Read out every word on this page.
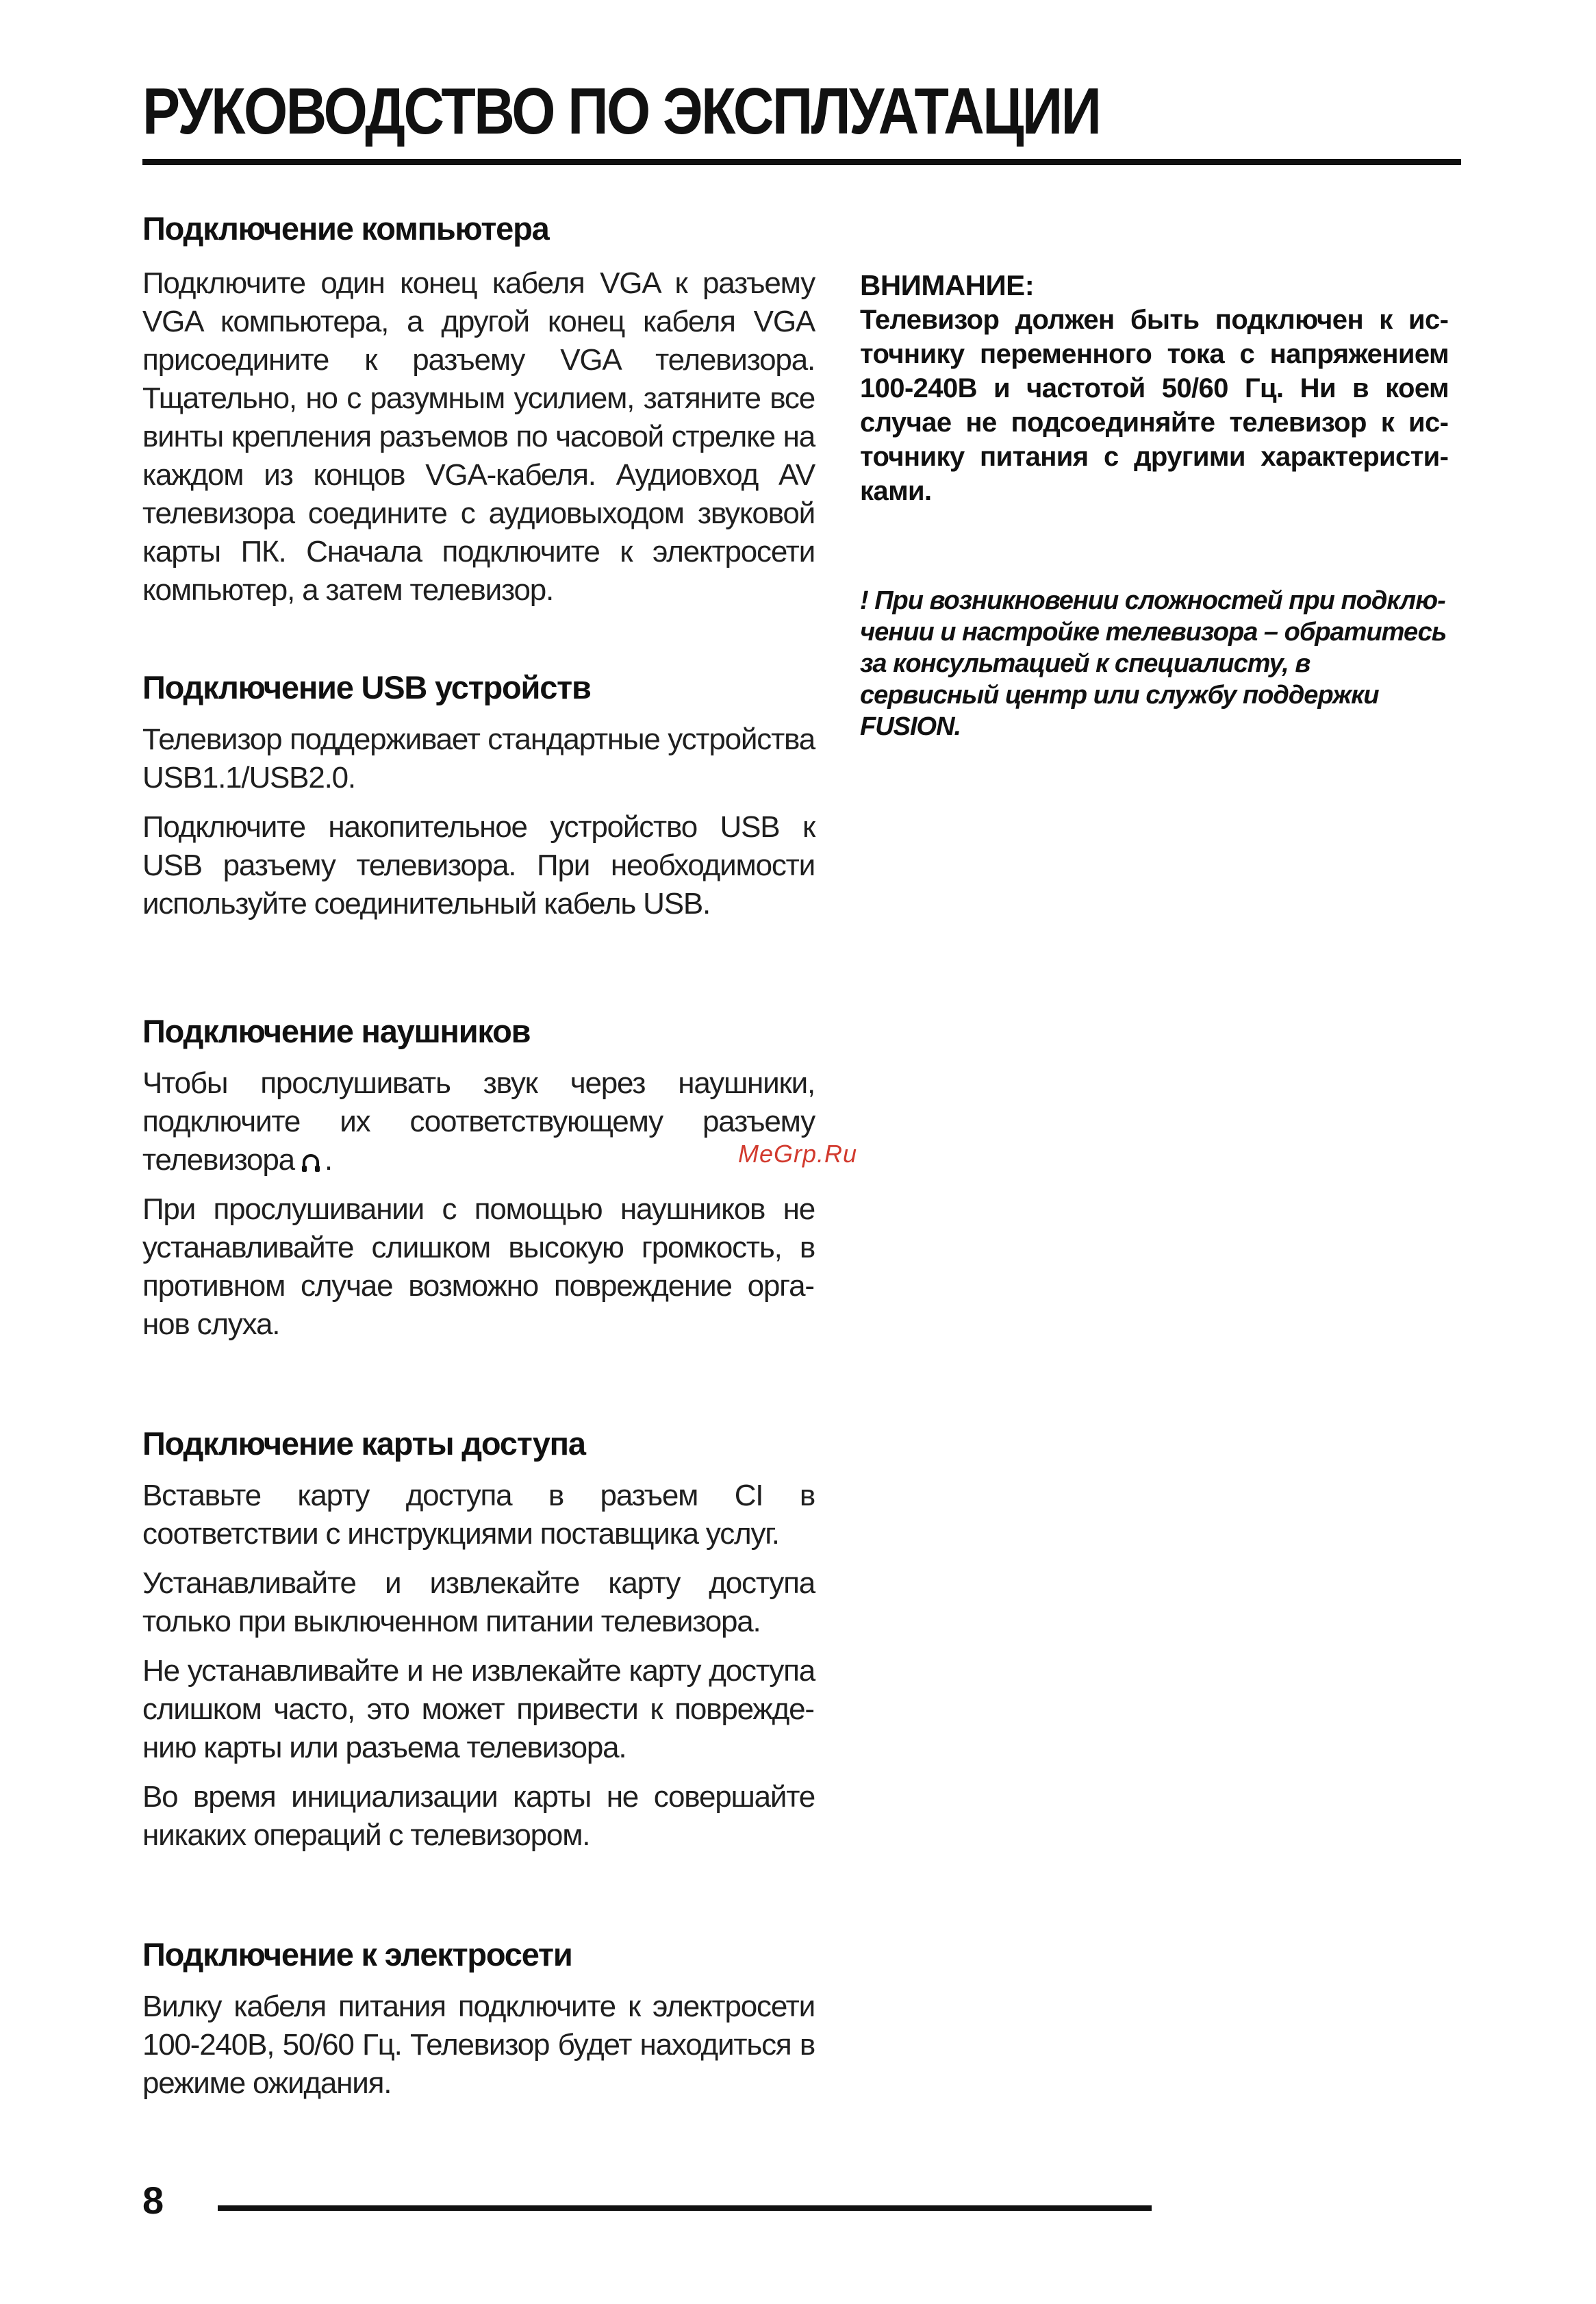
РУКОВОДСТВО ПО ЭКСПЛУАТАЦИИ
Подключение компьютера

Подключите один конец кабеля VGA к разъему VGA компьютера, а другой конец кабеля VGA присоедините к разъему VGA телевизора. Тщательно, но с разумным усилием, затяните все винты крепления разъемов по часовой стрелке на каждом из концов VGA-кабеля. Аудиовход AV телевизора соедините с аудиовыходом звуковой карты ПК. Сначала подключите к электросети компьютер, а затем телевизор.

Подключение USB устройств

Телевизор поддерживает стандартные устройства USB1.1/USB2.0.

Подключите накопительное устройство USB к USB разъему телевизора. При необходимости используйте соединительный кабель USB.

Подключение наушников

Чтобы прослушивать звук через наушники, подключите их соответствующему разъему телевизора .

При прослушивании с помощью наушников не устанавливайте слишком высокую громкость, в противном случае возможно повреждение органов слуха.

Подключение карты доступа

Вставьте карту доступа в разъем CI в соответствии с инструкциями поставщика услуг.

Устанавливайте и извлекайте карту доступа только при выключенном питании телевизора.

Не устанавливайте и не извлекайте карту доступа слишком часто, это может привести к повреждению карты или разъема телевизора.

Во время инициализации карты не совершайте никаких операций с телевизором.

Подключение к электросети

Вилку кабеля питания подключите к электросети 100-240В, 50/60 Гц. Телевизор будет находиться в режиме ожидания.

ВНИМАНИЕ:

Телевизор должен быть подключен к источнику переменного тока с напряжением 100-240В и частотой 50/60 Гц. Ни в коем случае не подсоединяйте телевизор к источнику питания с другими характеристиками.

! При возникновении сложностей при подключении и настройке телевизора – обратитесь за консультацией к специалисту, в сервисный центр или службу поддержки FUSION.

MeGrp.Ru
8
